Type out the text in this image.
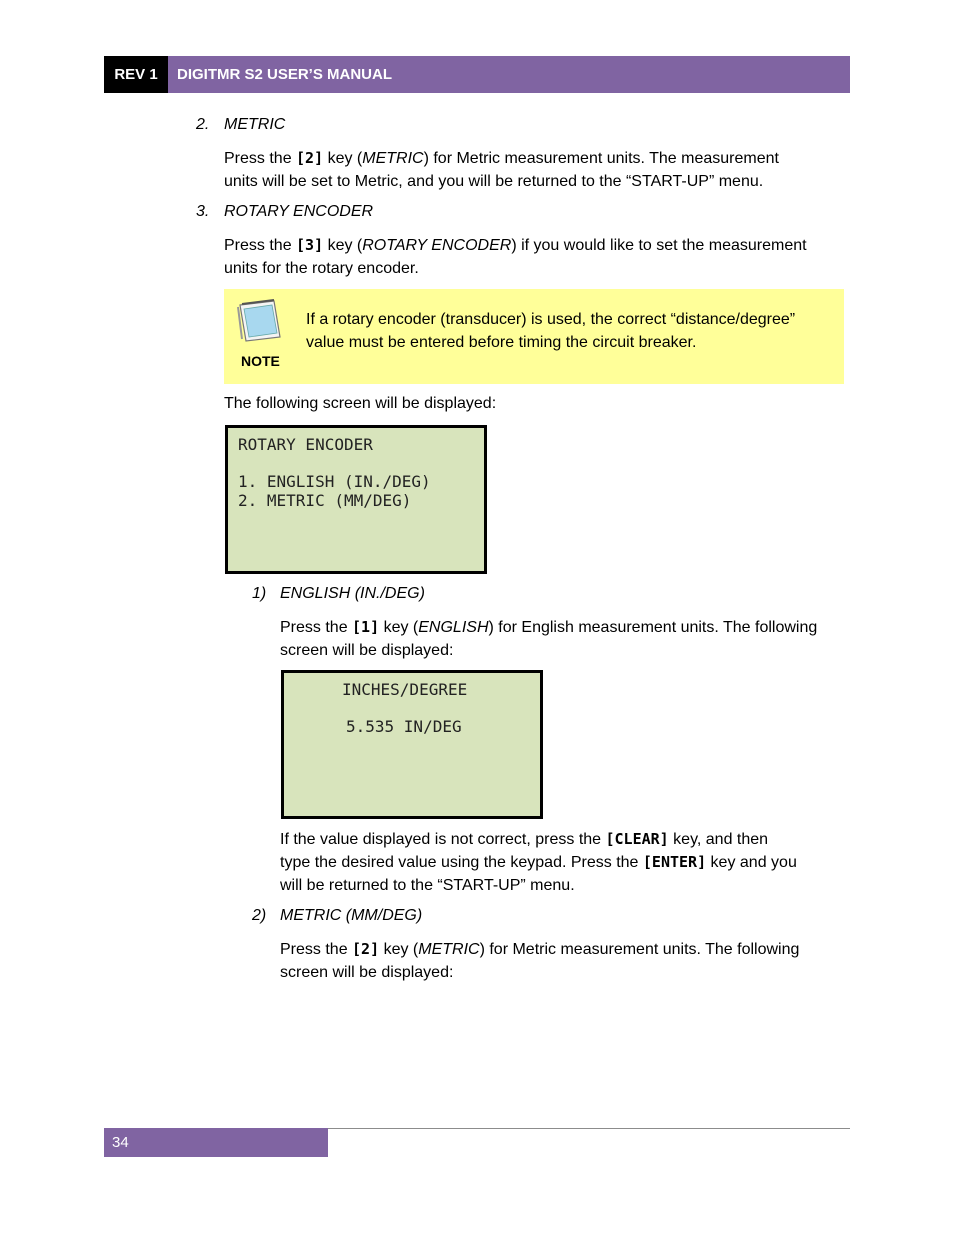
REV 1	DIGITMR S2 USER’S MANUAL
2. METRIC
Press the [2] key (METRIC) for Metric measurement units. The measurement
units will be set to Metric, and you will be returned to the “START-UP” menu.
3. ROTARY ENCODER
Press the [3] key (ROTARY ENCODER) if you would like to set the measurement
units for the rotary encoder.
NOTE
If a rotary encoder (transducer) is used, the correct “distance/degree”
value must be entered before timing the circuit breaker.
The following screen will be displayed:
ROTARY ENCODER
1. ENGLISH (IN./DEG)
2. METRIC (MM/DEG)
1) ENGLISH (IN./DEG)
Press the [1] key (ENGLISH) for English measurement units. The following
screen will be displayed:
INCHES/DEGREE
5.535 IN/DEG
If the value displayed is not correct, press the [CLEAR] key, and then
type the desired value using the keypad. Press the [ENTER] key and you
will be returned to the “START-UP” menu.
2) METRIC (MM/DEG)
Press the [2] key (METRIC) for Metric measurement units. The following
screen will be displayed:
34
